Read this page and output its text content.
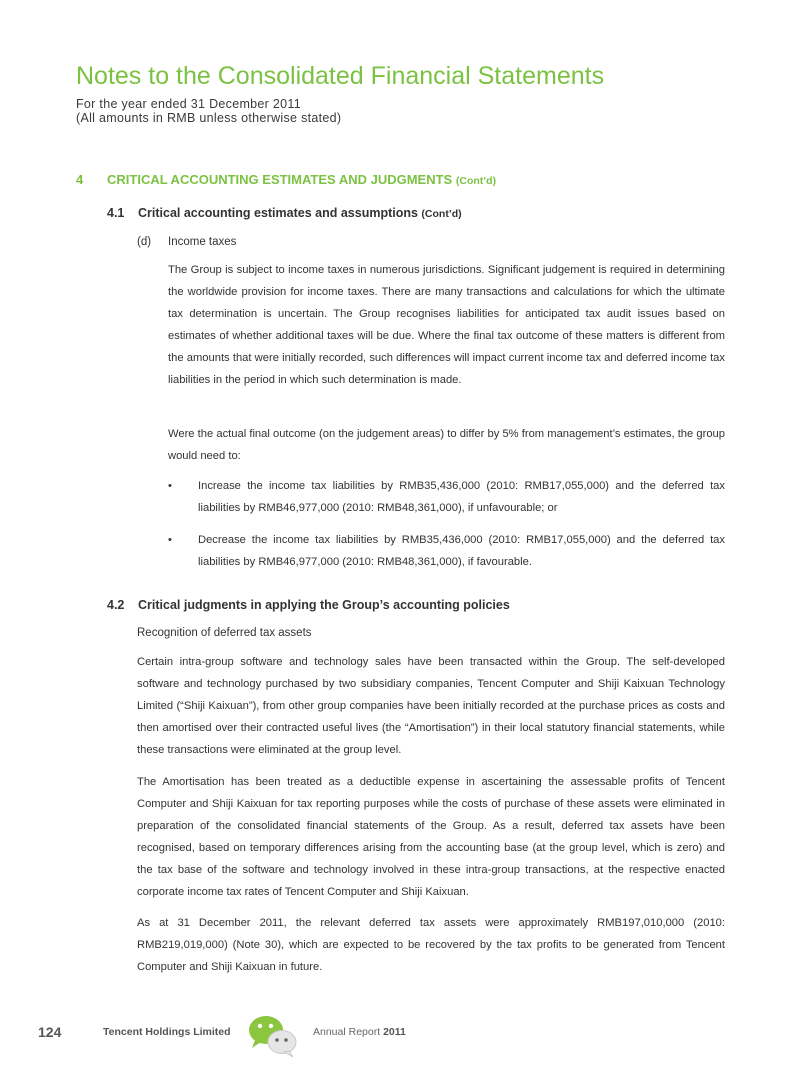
Notes to the Consolidated Financial Statements
For the year ended 31 December 2011
(All amounts in RMB unless otherwise stated)
4 CRITICAL ACCOUNTING ESTIMATES AND JUDGMENTS (Cont’d)
4.1 Critical accounting estimates and assumptions (Cont’d)
(d) Income taxes

The Group is subject to income taxes in numerous jurisdictions. Significant judgement is required in determining the worldwide provision for income taxes. There are many transactions and calculations for which the ultimate tax determination is uncertain. The Group recognises liabilities for anticipated tax audit issues based on estimates of whether additional taxes will be due. Where the final tax outcome of these matters is different from the amounts that were initially recorded, such differences will impact current income tax and deferred income tax liabilities in the period in which such determination is made.

Were the actual final outcome (on the judgement areas) to differ by 5% from management’s estimates, the group would need to:

• Increase the income tax liabilities by RMB35,436,000 (2010: RMB17,055,000) and the deferred tax liabilities by RMB46,977,000 (2010: RMB48,361,000), if unfavourable; or
• Decrease the income tax liabilities by RMB35,436,000 (2010: RMB17,055,000) and the deferred tax liabilities by RMB46,977,000 (2010: RMB48,361,000), if favourable.
4.2 Critical judgments in applying the Group’s accounting policies
Recognition of deferred tax assets

Certain intra-group software and technology sales have been transacted within the Group. The self-developed software and technology purchased by two subsidiary companies, Tencent Computer and Shiji Kaixuan Technology Limited (“Shiji Kaixuan”), from other group companies have been initially recorded at the purchase prices as costs and then amortised over their contracted useful lives (the “Amortisation”) in their local statutory financial statements, while these transactions were eliminated at the group level.

The Amortisation has been treated as a deductible expense in ascertaining the assessable profits of Tencent Computer and Shiji Kaixuan for tax reporting purposes while the costs of purchase of these assets were eliminated in preparation of the consolidated financial statements of the Group. As a result, deferred tax assets have been recognised, based on temporary differences arising from the accounting base (at the group level, which is zero) and the tax base of the software and technology involved in these intra-group transactions, at the respective enacted corporate income tax rates of Tencent Computer and Shiji Kaixuan.

As at 31 December 2011, the relevant deferred tax assets were approximately RMB197,010,000 (2010: RMB219,019,000) (Note 30), which are expected to be recovered by the tax profits to be generated from Tencent Computer and Shiji Kaixuan in future.

124	Tencent Holdings Limited	Annual Report 2011
